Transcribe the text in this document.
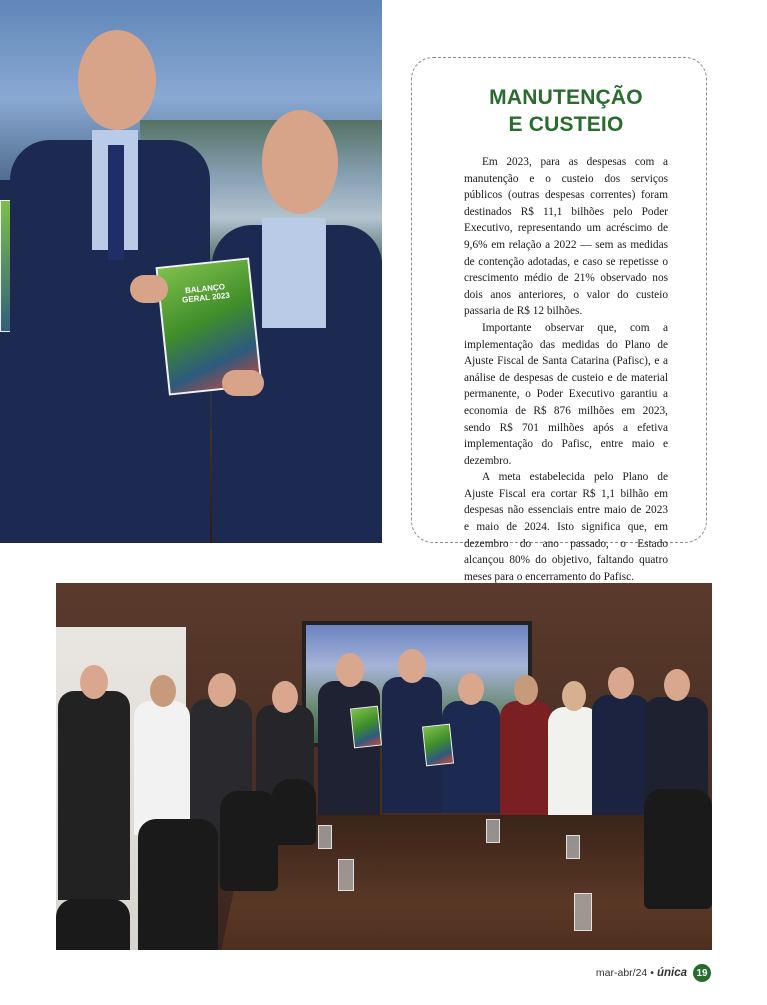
BALANÇO GERAL 2023
MANUTENÇÃO
E CUSTEIO

Em 2023, para as despesas com a manutenção e o custeio dos serviços públicos (outras despesas correntes) foram destinados R$ 11,1 bilhões pelo Poder Executivo, representando um acréscimo de 9,6% em relação a 2022 — sem as medidas de contenção adotadas, e caso se repetisse o crescimento médio de 21% observado nos dois anos anteriores, o valor do custeio passaria de R$ 12 bilhões.

Importante observar que, com a implementação das medidas do Plano de Ajuste Fiscal de Santa Catarina (Pafisc), e a análise de despesas de custeio e de material permanente, o Poder Executivo garantiu a economia de R$ 876 milhões em 2023, sendo R$ 701 milhões após a efetiva implementação do Pafisc, entre maio e dezembro.

A meta estabelecida pelo Plano de Ajuste Fiscal era cortar R$ 1,1 bilhão em despesas não essenciais entre maio de 2023 e maio de 2024. Isto significa que, em dezembro do ano passado, o Estado alcançou 80% do objetivo, faltando quatro meses para o encerramento do Pafisc.

mar-abr/24 • única 19
